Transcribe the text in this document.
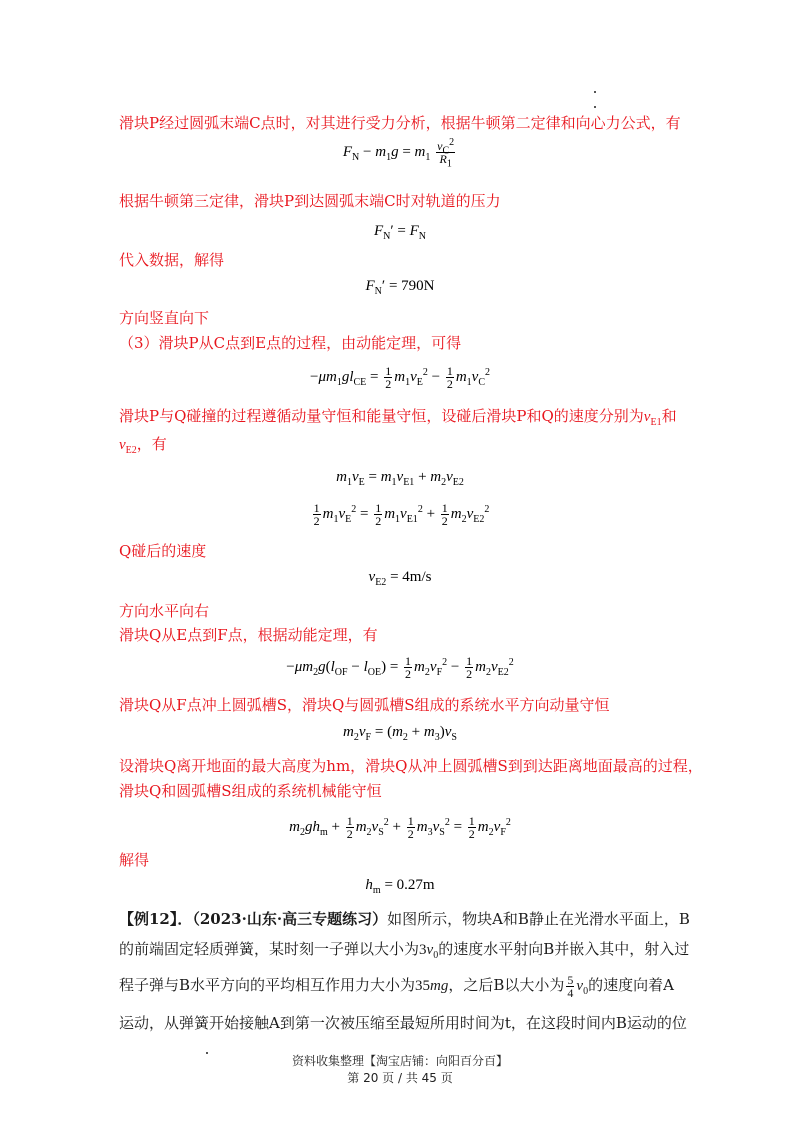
滑块P经过圆弧末端C点时，对其进行受力分析，根据牛顿第二定律和向心力公式，有
$F_N - m_1g = m_1 \frac{v_C^2}{R_1}$
根据牛顿第三定律，滑块P到达圆弧末端C时对轨道的压力
$F_N' = F_N$
代入数据，解得
$F_N' = 790N$
方向竖直向下
（3）滑块P从C点到E点的过程，由动能定理，可得
$-\mu m_1gl_{CE} = \frac{1}{2} m_1v_E^2 - \frac{1}{2} m_1v_C^2$
滑块P与Q碰撞的过程遵循动量守恒和能量守恒，设碰后滑块P和Q的速度分别为$v_{E1}$和
$v_{E2}$，有
$m_1v_E = m_1v_{E1} + m_2v_{E2}$
$\frac{1}{2} m_1v_E^2 = \frac{1}{2} m_1v_{E1}^2 + \frac{1}{2} m_2v_{E2}^2$
Q碰后的速度
$v_{E2} = 4m/s$
方向水平向右
滑块Q从E点到F点，根据动能定理，有
$-\mu m_2g(l_{OF} - l_{OE}) = \frac{1}{2} m_2v_F^2 - \frac{1}{2} m_2v_{E2}^2$
滑块Q从F点冲上圆弧槽S，滑块Q与圆弧槽S组成的系统水平方向动量守恒
$m_2v_F = (m_2 + m_3)v_S$
设滑块Q离开地面的最大高度为hm，滑块Q从冲上圆弧槽S到到达距离地面最高的过程，
滑块Q和圆弧槽S组成的系统机械能守恒
$m_2gh_m + \frac{1}{2} m_2v_S^2 + \frac{1}{2} m_3v_S^2 = \frac{1}{2} m_2v_F^2$
解得
$h_m = 0.27m$
【例12】．（2023·山东·高三专题练习）如图所示，物块A和B静止在光滑水平面上，B
的前端固定轻质弹簧，某时刻一子弹以大小为$3v_0$的速度水平射向B并嵌入其中，射入过
程子弹与B水平方向的平均相互作用力大小为35mg，之后B以大小为 $\frac{5}{4} v_0$的速度向着A
运动，从弹簧开始接触A到第一次被压缩至最短所用时间为t，在这段时间内B运动的位
资料收集整理【淘宝店铺：向阳百分百】
第 20 页 / 共 45 页
